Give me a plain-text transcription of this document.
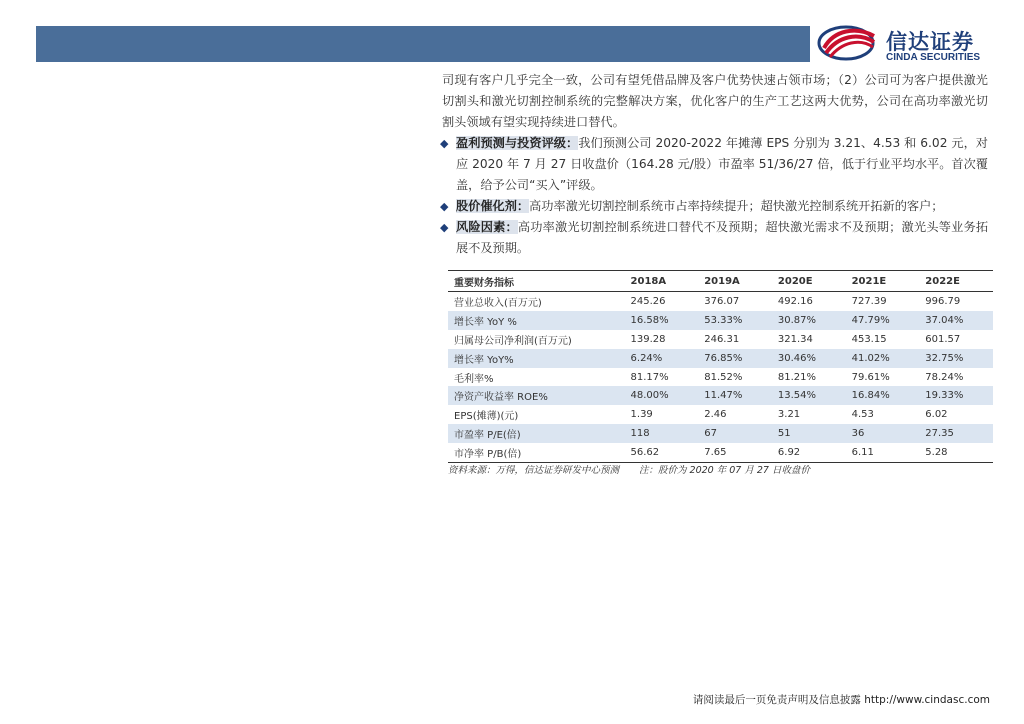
信达证券
CINDA SECURITIES

司现有客户几乎完全一致，公司有望凭借品牌及客户优势快速占领市场；（2）公司可为客户提供激光切割头和激光切割控制系统的完整解决方案，优化客户的生产工艺这两大优势，公司在高功率激光切割头领域有望实现持续进口替代。

◆ 盈利预测与投资评级：我们预测公司 2020-2022 年摊薄 EPS 分别为 3.21、4.53 和 6.02 元，对应 2020 年 7 月 27 日收盘价（164.28 元/股）市盈率 51/36/27 倍，低于行业平均水平。首次覆盖，给予公司“买入”评级。

◆ 股价催化剂：高功率激光切割控制系统市占率持续提升；超快激光控制系统开拓新的客户；

◆ 风险因素：高功率激光切割控制系统进口替代不及预期；超快激光需求不及预期；激光头等业务拓展不及预期。

重要财务指标	2018A	2019A	2020E	2021E	2022E
营业总收入(百万元)	245.26	376.07	492.16	727.39	996.79
增长率 YoY %	16.58%	53.33%	30.87%	47.79%	37.04%
归属母公司净利润(百万元)	139.28	246.31	321.34	453.15	601.57
增长率 YoY%	6.24%	76.85%	30.46%	41.02%	32.75%
毛利率%	81.17%	81.52%	81.21%	79.61%	78.24%
净资产收益率 ROE%	48.00%	11.47%	13.54%	16.84%	19.33%
EPS(摊薄)(元)	1.39	2.46	3.21	4.53	6.02
市盈率 P/E(倍)	118	67	51	36	27.35
市净率 P/B(倍)	56.62	7.65	6.92	6.11	5.28
资料来源：万得，信达证券研发中心预测 注：股价为 2020 年 07 月 27 日收盘价
请阅读最后一页免责声明及信息披露 http://www.cindasc.com
